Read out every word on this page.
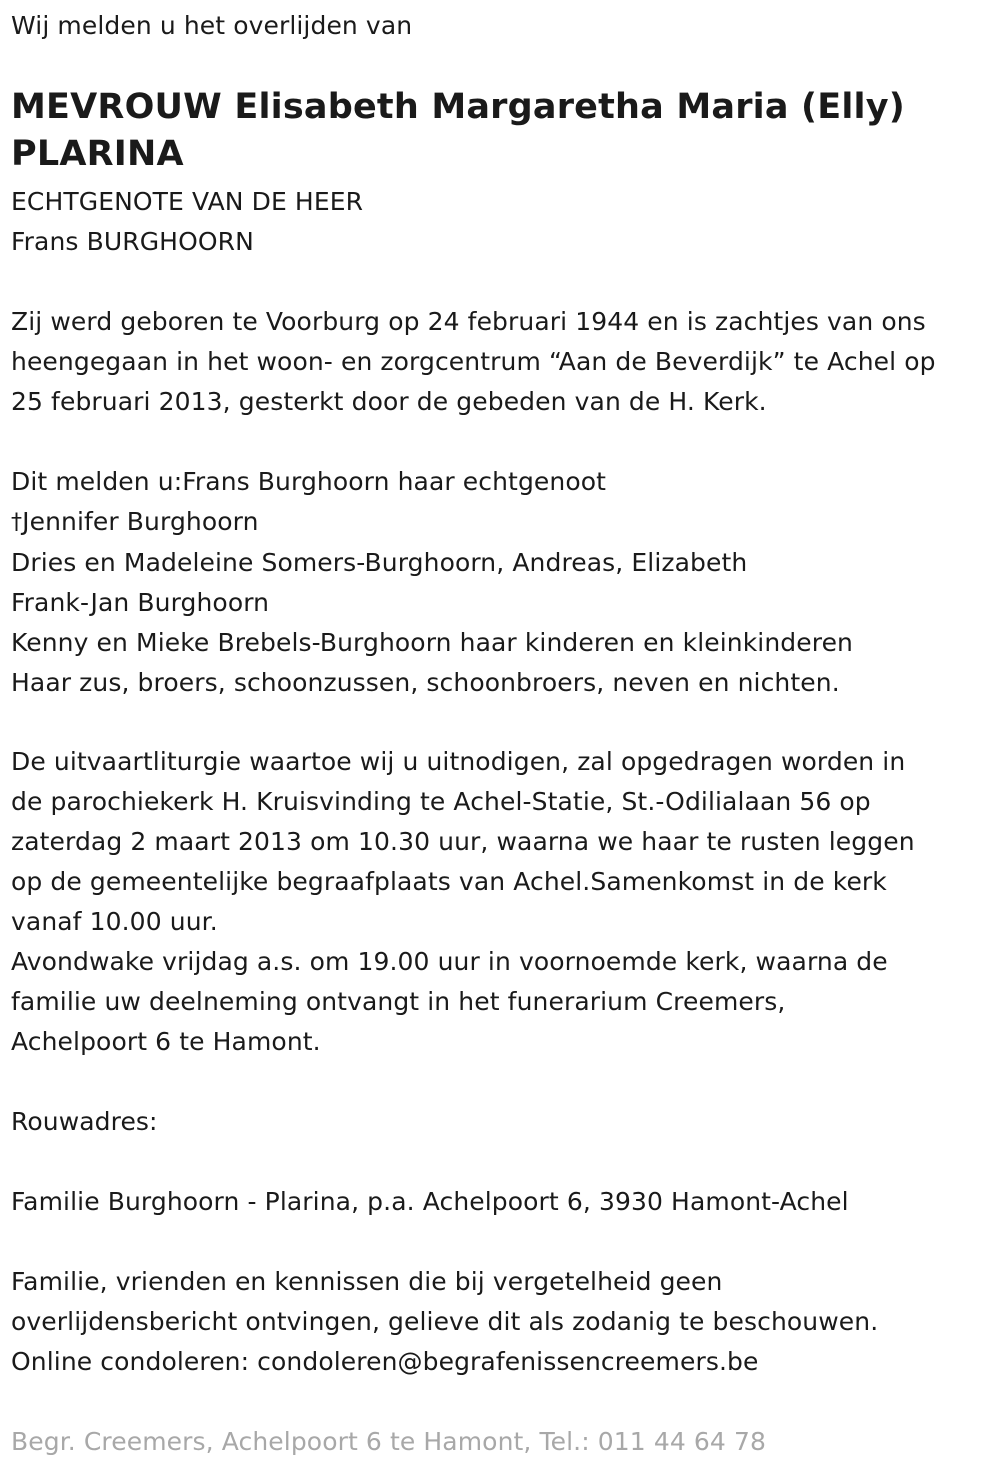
Wij melden u het overlijden van
MEVROUW Elisabeth Margaretha Maria (Elly)
PLARINA
ECHTGENOTE VAN DE HEER
Frans BURGHOORN
Zij werd geboren te Voorburg op 24 februari 1944 en is zachtjes van ons
heengegaan in het woon- en zorgcentrum “Aan de Beverdijk” te Achel op
25 februari 2013, gesterkt door de gebeden van de H. Kerk.
Dit melden u:Frans Burghoorn haar echtgenoot
†Jennifer Burghoorn
Dries en Madeleine Somers-Burghoorn, Andreas, Elizabeth
Frank-Jan Burghoorn
Kenny en Mieke Brebels-Burghoorn haar kinderen en kleinkinderen
Haar zus, broers, schoonzussen, schoonbroers, neven en nichten.
De uitvaartliturgie waartoe wij u uitnodigen, zal opgedragen worden in
de parochiekerk H. Kruisvinding te Achel-Statie, St.-Odilialaan 56 op
zaterdag 2 maart 2013 om 10.30 uur, waarna we haar te rusten leggen
op de gemeentelijke begraafplaats van Achel.Samenkomst in de kerk
vanaf 10.00 uur.
Avondwake vrijdag a.s. om 19.00 uur in voornoemde kerk, waarna de
familie uw deelneming ontvangt in het funerarium Creemers,
Achelpoort 6 te Hamont.
Rouwadres:
Familie Burghoorn - Plarina, p.a. Achelpoort 6, 3930 Hamont-Achel
Familie, vrienden en kennissen die bij vergetelheid geen
overlijdensbericht ontvingen, gelieve dit als zodanig te beschouwen.
Online condoleren: condoleren@begrafenissencreemers.be
Begr. Creemers, Achelpoort 6 te Hamont, Tel.: 011 44 64 78
